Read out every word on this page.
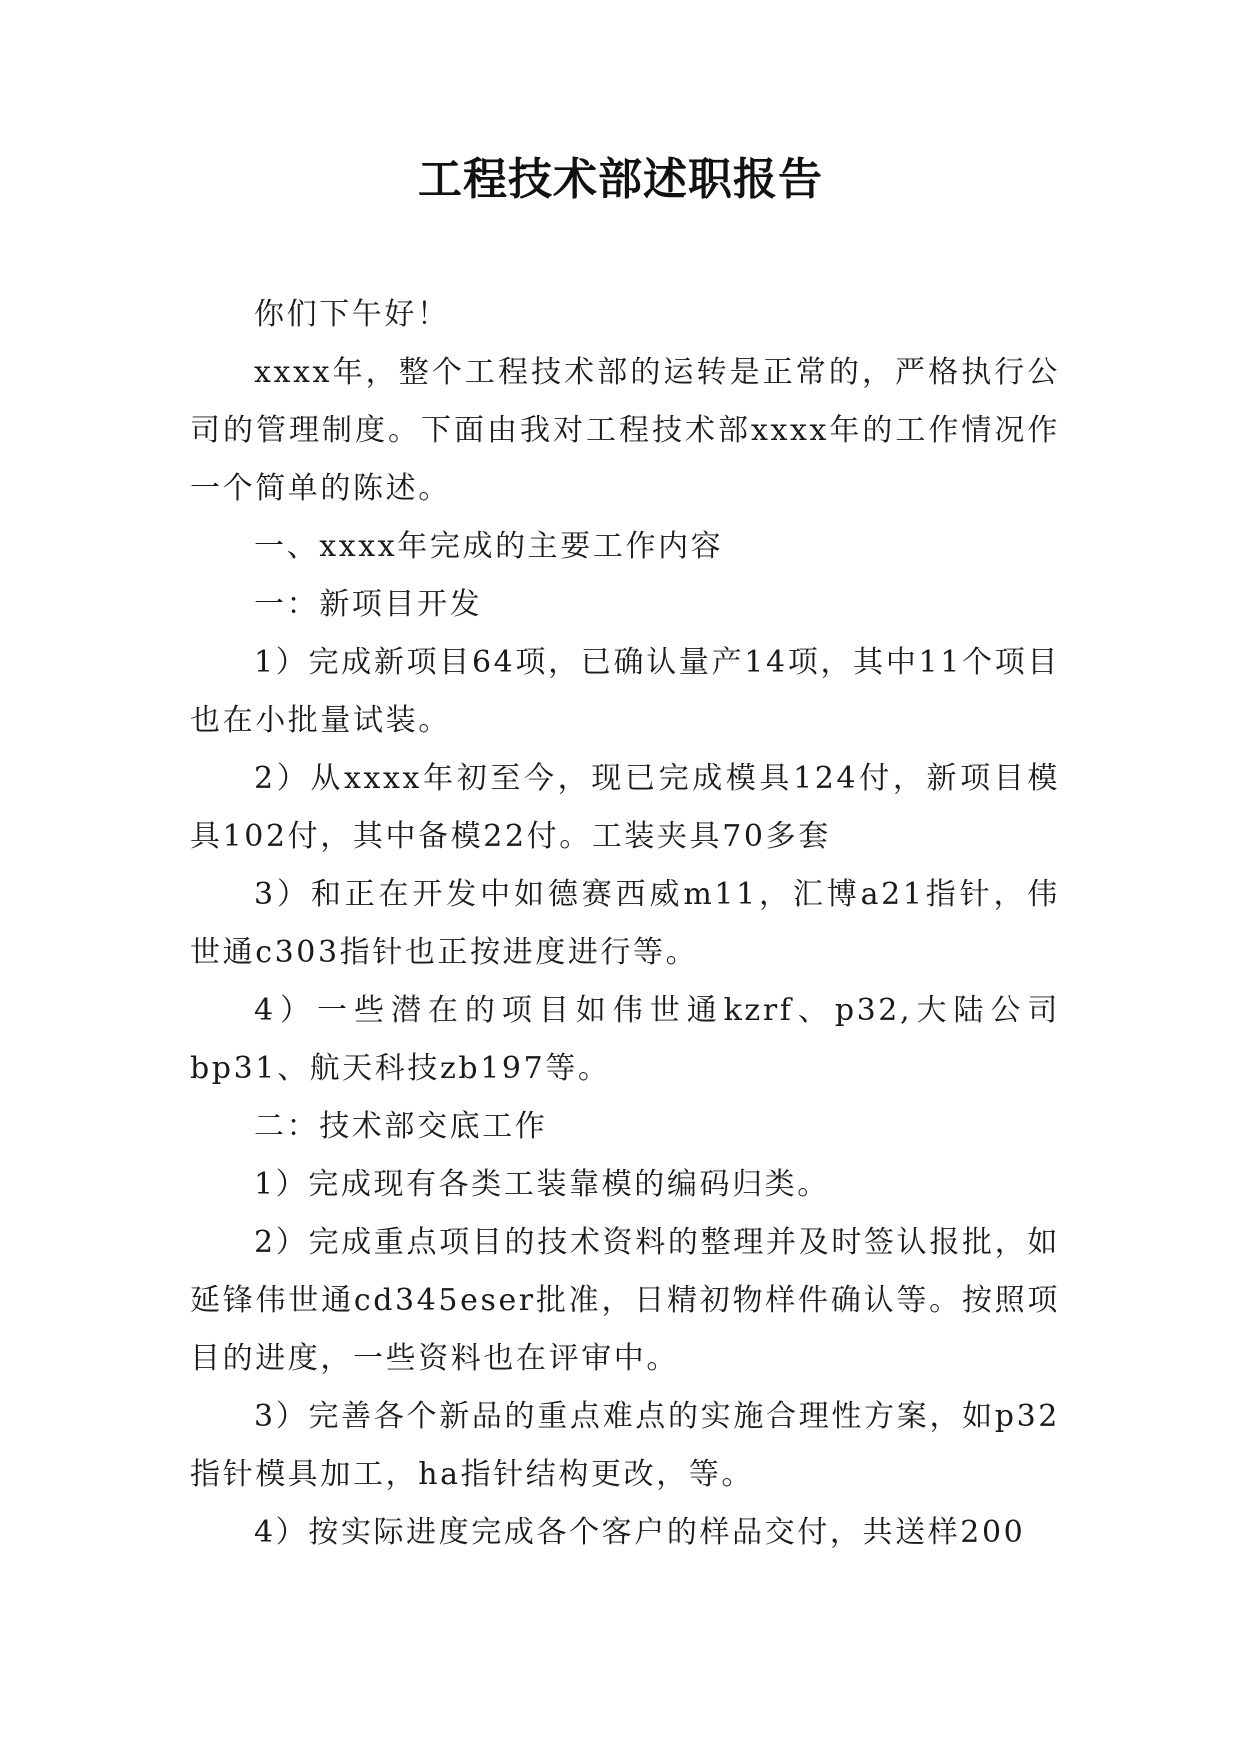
工程技术部述职报告

你们下午好！

xxxx年，整个工程技术部的运转是正常的，严格执行公司的管理制度。下面由我对工程技术部xxxx年的工作情况作一个简单的陈述。

一、xxxx年完成的主要工作内容

一：新项目开发

1）完成新项目64项，已确认量产14项，其中11个项目也在小批量试装。

2）从xxxx年初至今，现已完成模具124付，新项目模具102付，其中备模22付。工装夹具70多套

3）和正在开发中如德赛西威m11，汇博a21指针，伟世通c303指针也正按进度进行等。

4）一些潜在的项目如伟世通kzrf、p32,大陆公司bp31、航天科技zb197等。

二：技术部交底工作

1）完成现有各类工装靠模的编码归类。

2）完成重点项目的技术资料的整理并及时签认报批，如延锋伟世通cd345eser批准，日精初物样件确认等。按照项目的进度，一些资料也在评审中。

3）完善各个新品的重点难点的实施合理性方案，如p32指针模具加工，ha指针结构更改，等。

4）按实际进度完成各个客户的样品交付，共送样200
